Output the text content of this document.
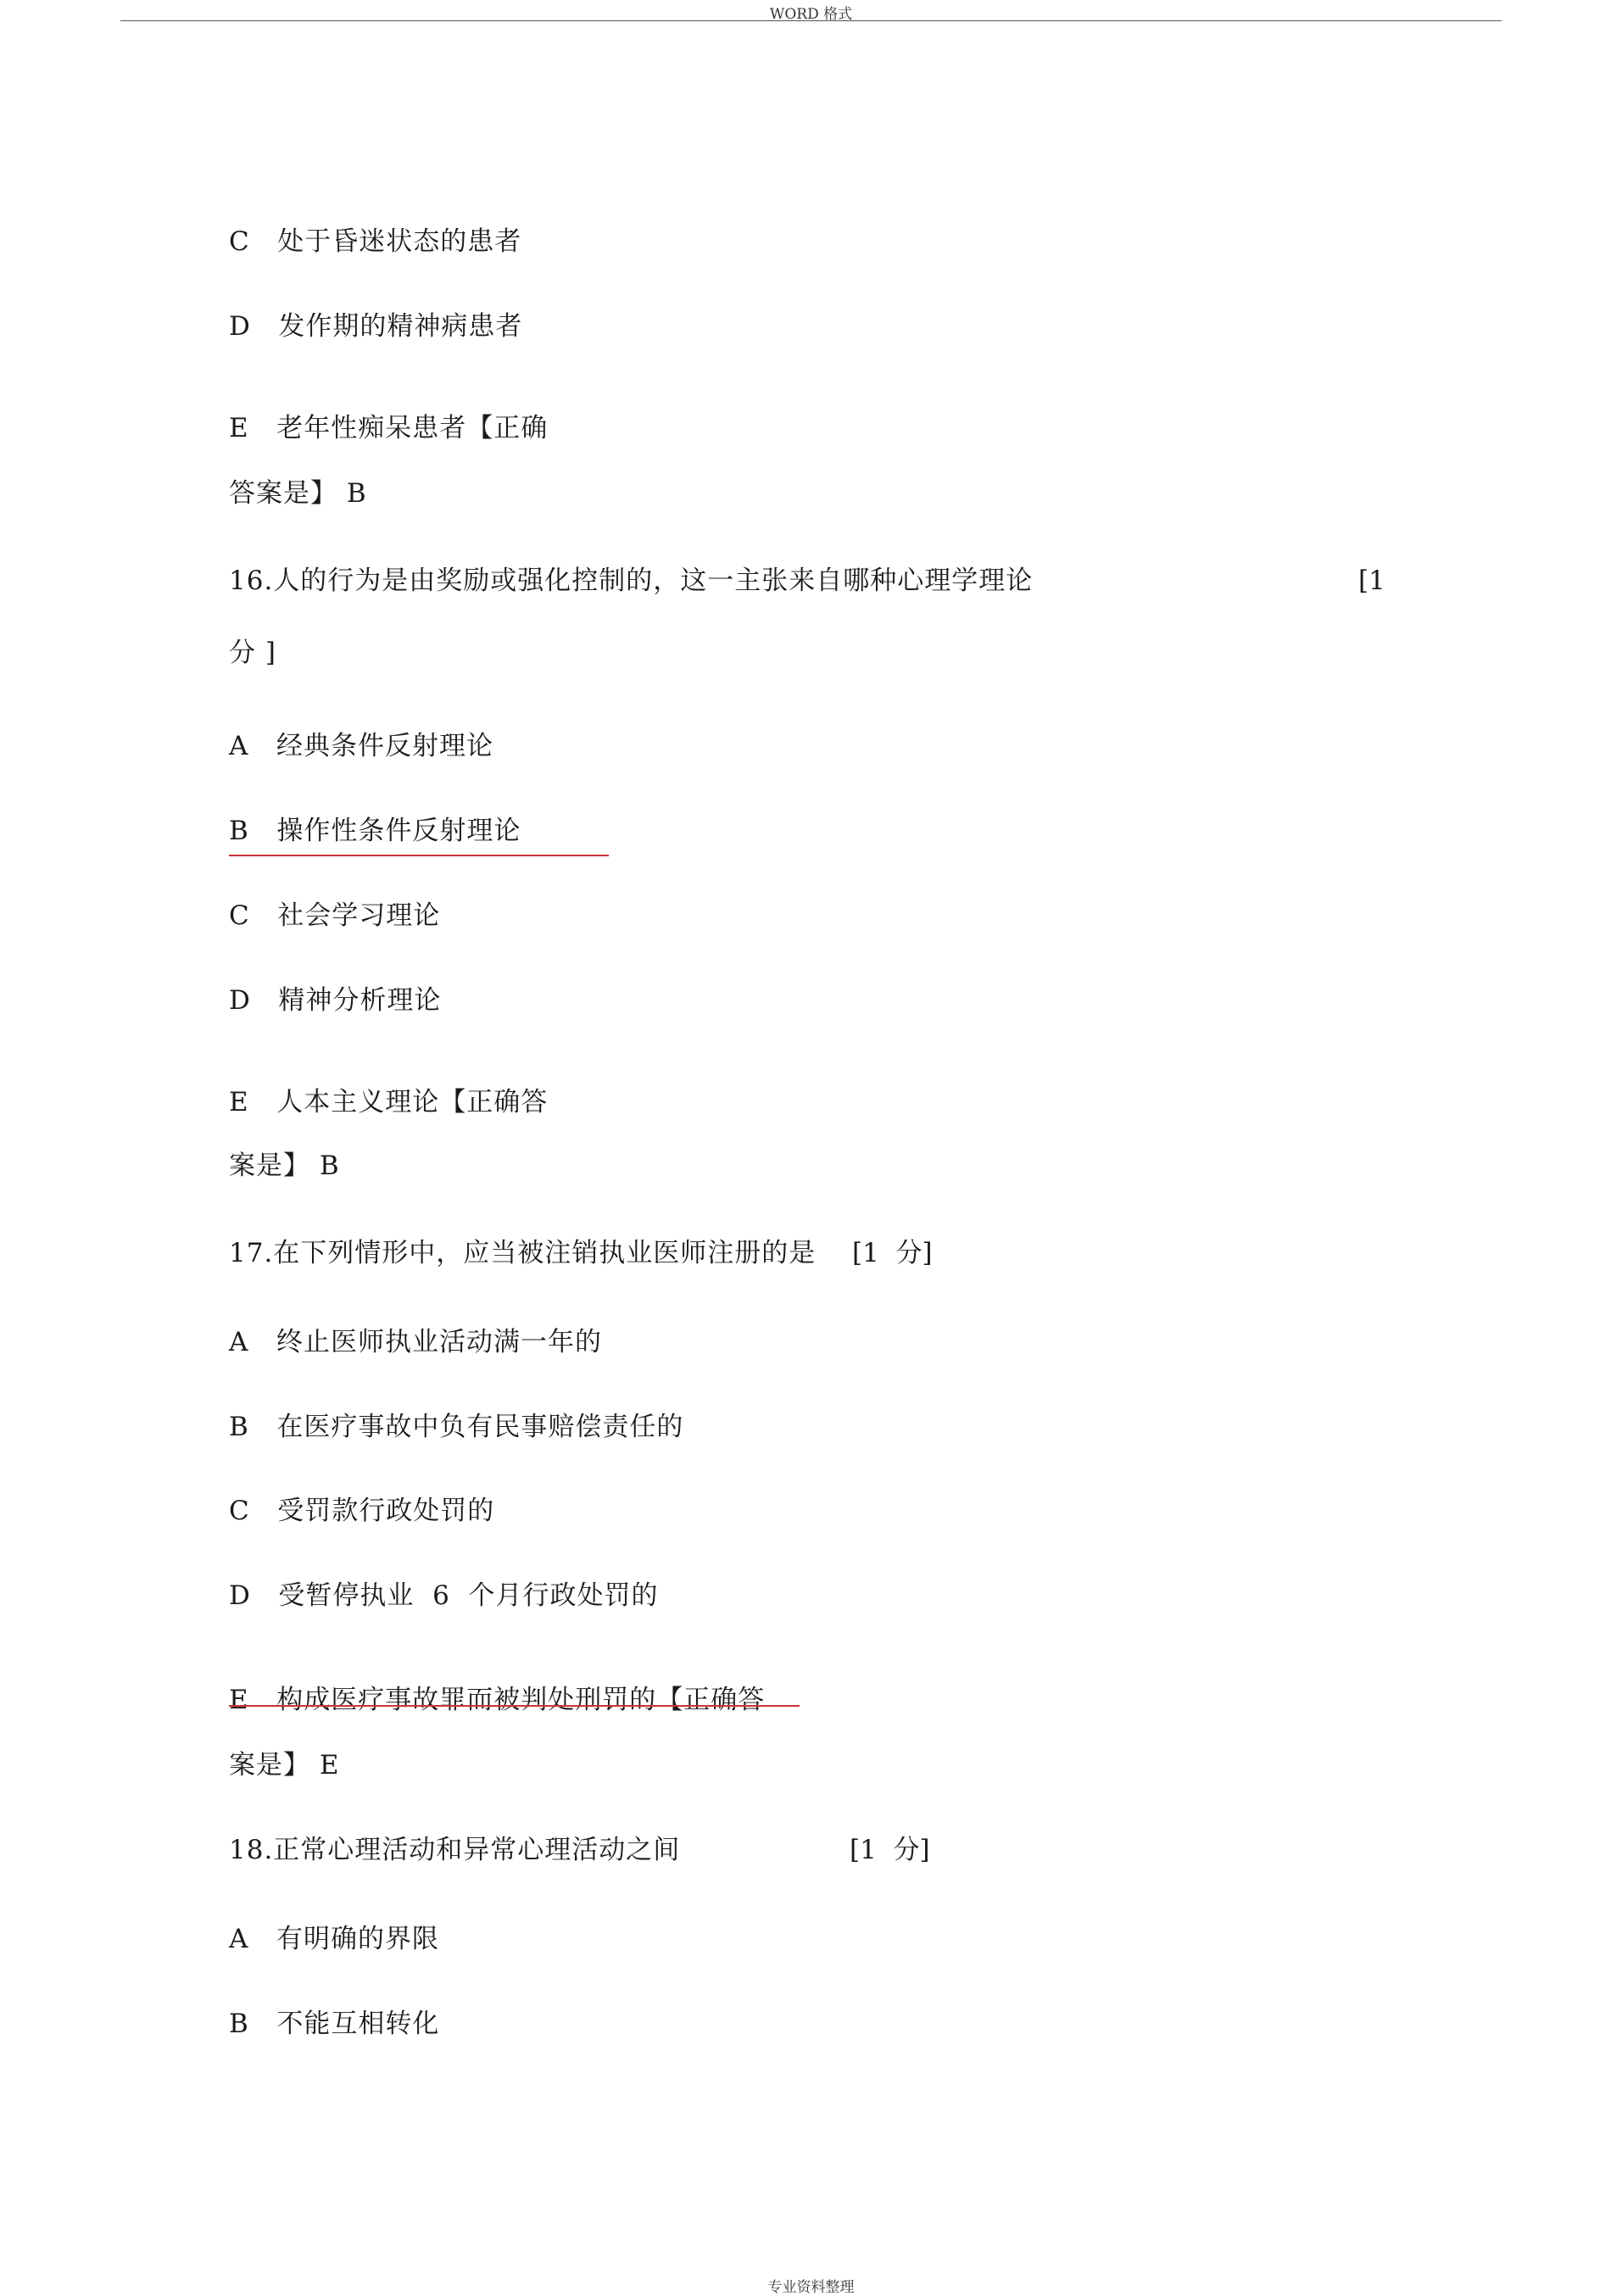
WORD 格式
C   处于昏迷状态的患者
D   发作期的精神病患者
E   老年性痴呆患者【正确
答案是】 B
16.人的行为是由奖励或强化控制的，这一主张来自哪种心理学理论	[1
分 ]
A   经典条件反射理论
B   操作性条件反射理论
C   社会学习理论
D   精神分析理论
E   人本主义理论【正确答
案是】 B
17.在下列情形中，应当被注销执业医师注册的是 [1  分]
A   终止医师执业活动满一年的
B   在医疗事故中负有民事赔偿责任的
C   受罚款行政处罚的
D   受暂停执业  6  个月行政处罚的
E   构成医疗事故罪而被判处刑罚的【正确答
案是】 E
18.正常心理活动和异常心理活动之间	[1  分]
A   有明确的界限
B   不能互相转化
专业资料整理
